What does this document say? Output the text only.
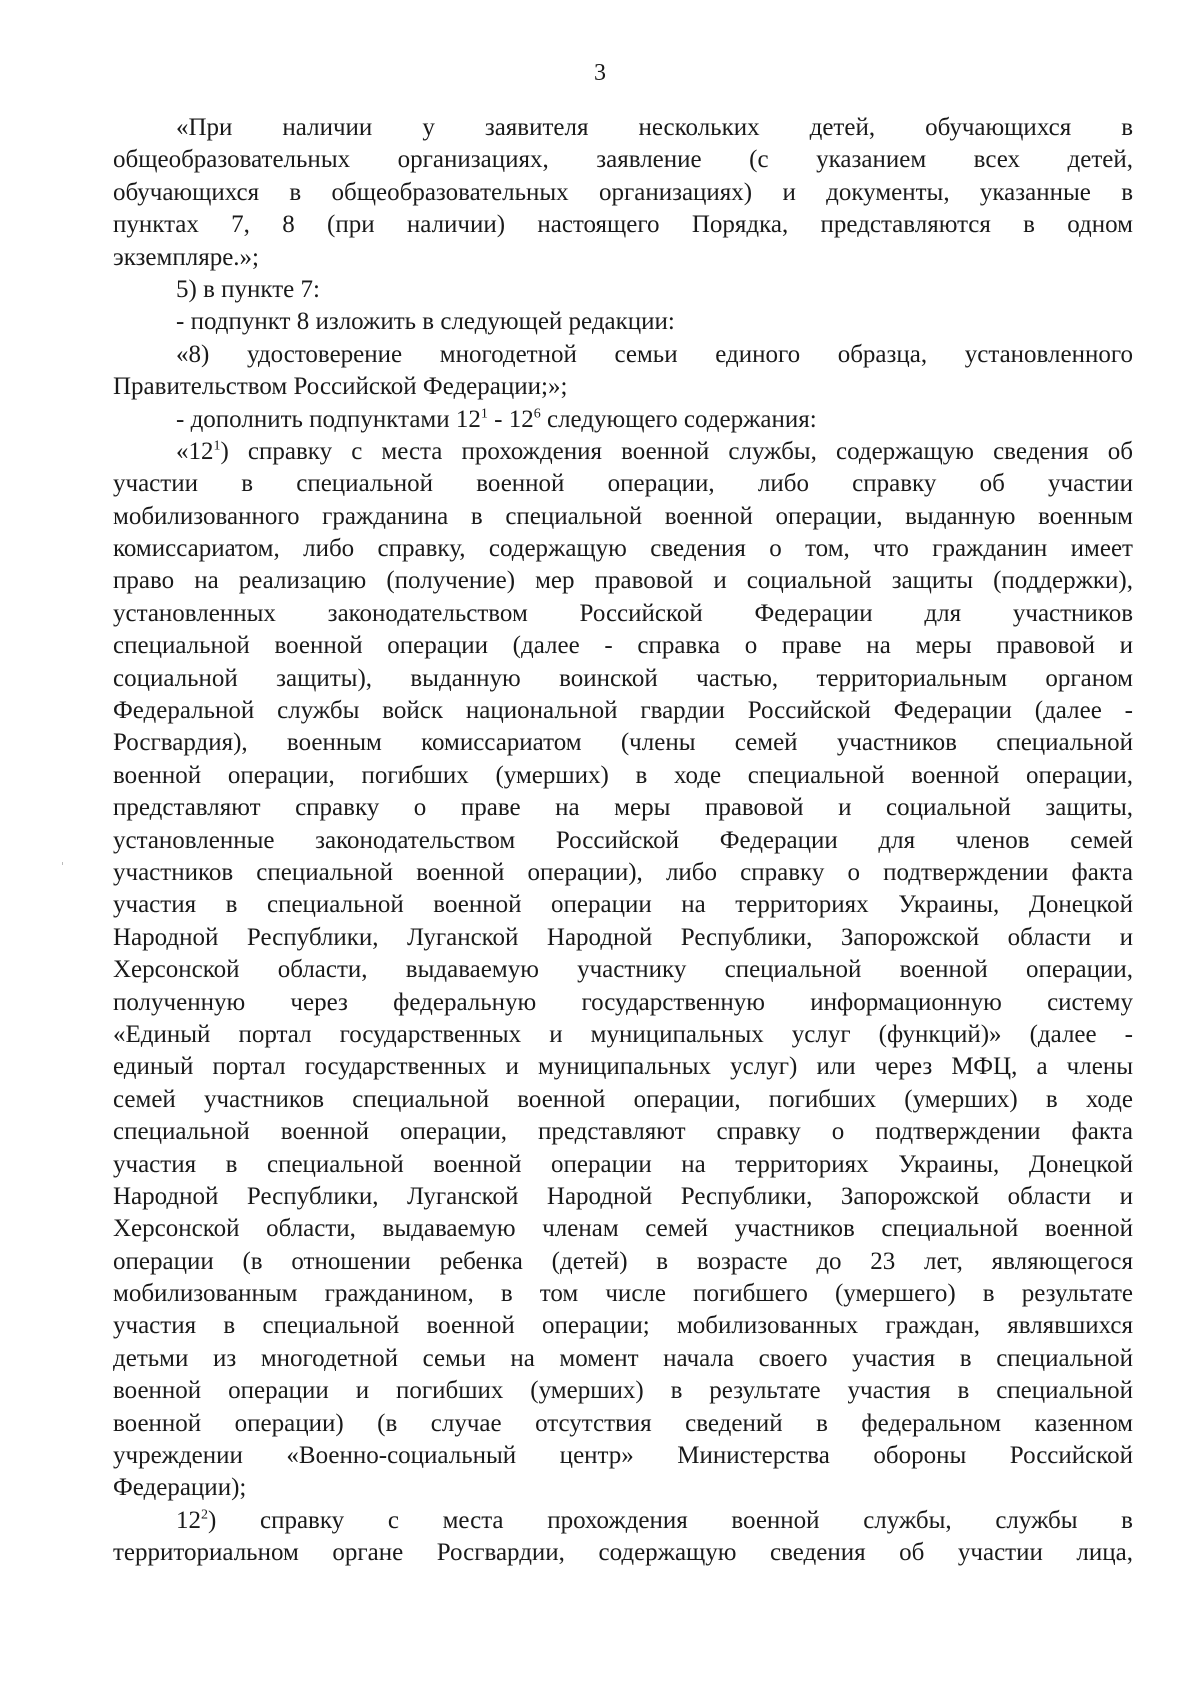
3
«При наличии у заявителя нескольких детей, обучающихся в
общеобразовательных организациях, заявление (с указанием всех детей,
обучающихся в общеобразовательных организациях) и документы, указанные в
пунктах 7, 8 (при наличии) настоящего Порядка, представляются в одном
экземпляре.»;
5) в пункте 7:
- подпункт 8 изложить в следующей редакции:
«8) удостоверение многодетной семьи единого образца, установленного
Правительством Российской Федерации;»;
- дополнить подпунктами $12^1 - 12^6$ следующего содержания:
«$12^1$) справку с места прохождения военной службы, содержащую сведения об
участии в специальной военной операции, либо справку об участии
мобилизованного гражданина в специальной военной операции, выданную военным
комиссариатом, либо справку, содержащую сведения о том, что гражданин имеет
право на реализацию (получение) мер правовой и социальной защиты (поддержки),
установленных законодательством Российской Федерации для участников
специальной военной операции (далее - справка о праве на меры правовой и
социальной защиты), выданную воинской частью, территориальным органом
Федеральной службы войск национальной гвардии Российской Федерации (далее -
Росгвардия), военным комиссариатом (члены семей участников специальной
военной операции, погибших (умерших) в ходе специальной военной операции,
представляют справку о праве на меры правовой и социальной защиты,
установленные законодательством Российской Федерации для членов семей
участников специальной военной операции), либо справку о подтверждении факта
участия в специальной военной операции на территориях Украины, Донецкой
Народной Республики, Луганской Народной Республики, Запорожской области и
Херсонской области, выдаваемую участнику специальной военной операции,
полученную через федеральную государственную информационную систему
«Единый портал государственных и муниципальных услуг (функций)» (далее -
единый портал государственных и муниципальных услуг) или через МФЦ, а члены
семей участников специальной военной операции, погибших (умерших) в ходе
специальной военной операции, представляют справку о подтверждении факта
участия в специальной военной операции на территориях Украины, Донецкой
Народной Республики, Луганской Народной Республики, Запорожской области и
Херсонской области, выдаваемую членам семей участников специальной военной
операции (в отношении ребенка (детей) в возрасте до 23 лет, являющегося
мобилизованным гражданином, в том числе погибшего (умершего) в результате
участия в специальной военной операции; мобилизованных граждан, являвшихся
детьми из многодетной семьи на момент начала своего участия в специальной
военной операции и погибших (умерших) в результате участия в специальной
военной операции) (в случае отсутствия сведений в федеральном казенном
учреждении «Военно-социальный центр» Министерства обороны Российской
Федерации);
$12^2$) справку с места прохождения военной службы, службы в
территориальном органе Росгвардии, содержащую сведения об участии лица,
